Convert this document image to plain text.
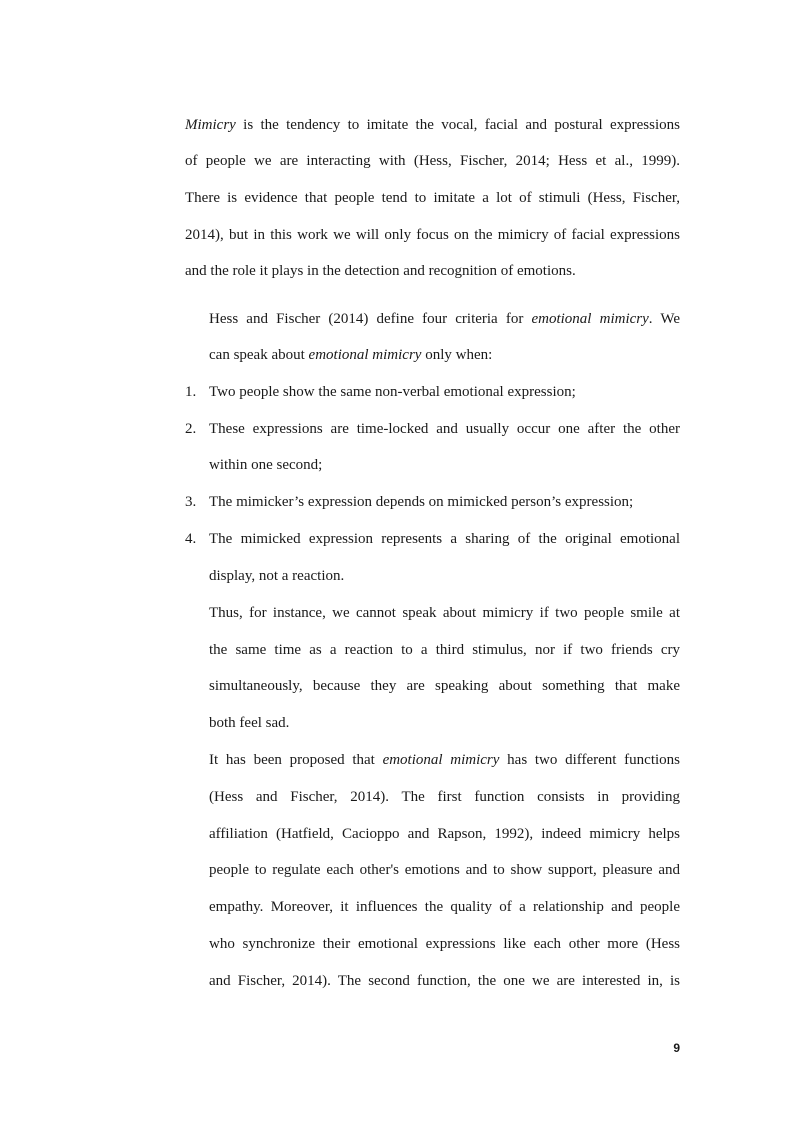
Mimicry is the tendency to imitate the vocal, facial and postural expressions

of people we are interacting with (Hess, Fischer, 2014; Hess et al., 1999).

There is evidence that people tend to imitate a lot of stimuli (Hess, Fischer,

2014), but in this work we will only focus on the mimicry of facial expressions

and the role it plays in the detection and recognition of emotions.

Hess and Fischer (2014) define four criteria for emotional mimicry. We

can speak about emotional mimicry only when:

1. Two people show the same non-verbal emotional expression;

2. These expressions are time-locked and usually occur one after the other

within one second;

3. The mimicker’s expression depends on mimicked person’s expression;

4. The mimicked expression represents a sharing of the original emotional

display, not a reaction.

Thus, for instance, we cannot speak about mimicry if two people smile at

the same time as a reaction to a third stimulus, nor if two friends cry

simultaneously, because they are speaking about something that make

both feel sad.

It has been proposed that emotional mimicry has two different functions

(Hess and Fischer, 2014). The first function consists in providing

affiliation (Hatfield, Cacioppo and Rapson, 1992), indeed mimicry helps

people to regulate each other's emotions and to show support, pleasure and

empathy. Moreover, it influences the quality of a relationship and people

who synchronize their emotional expressions like each other more (Hess

and Fischer, 2014). The second function, the one we are interested in, is

9
